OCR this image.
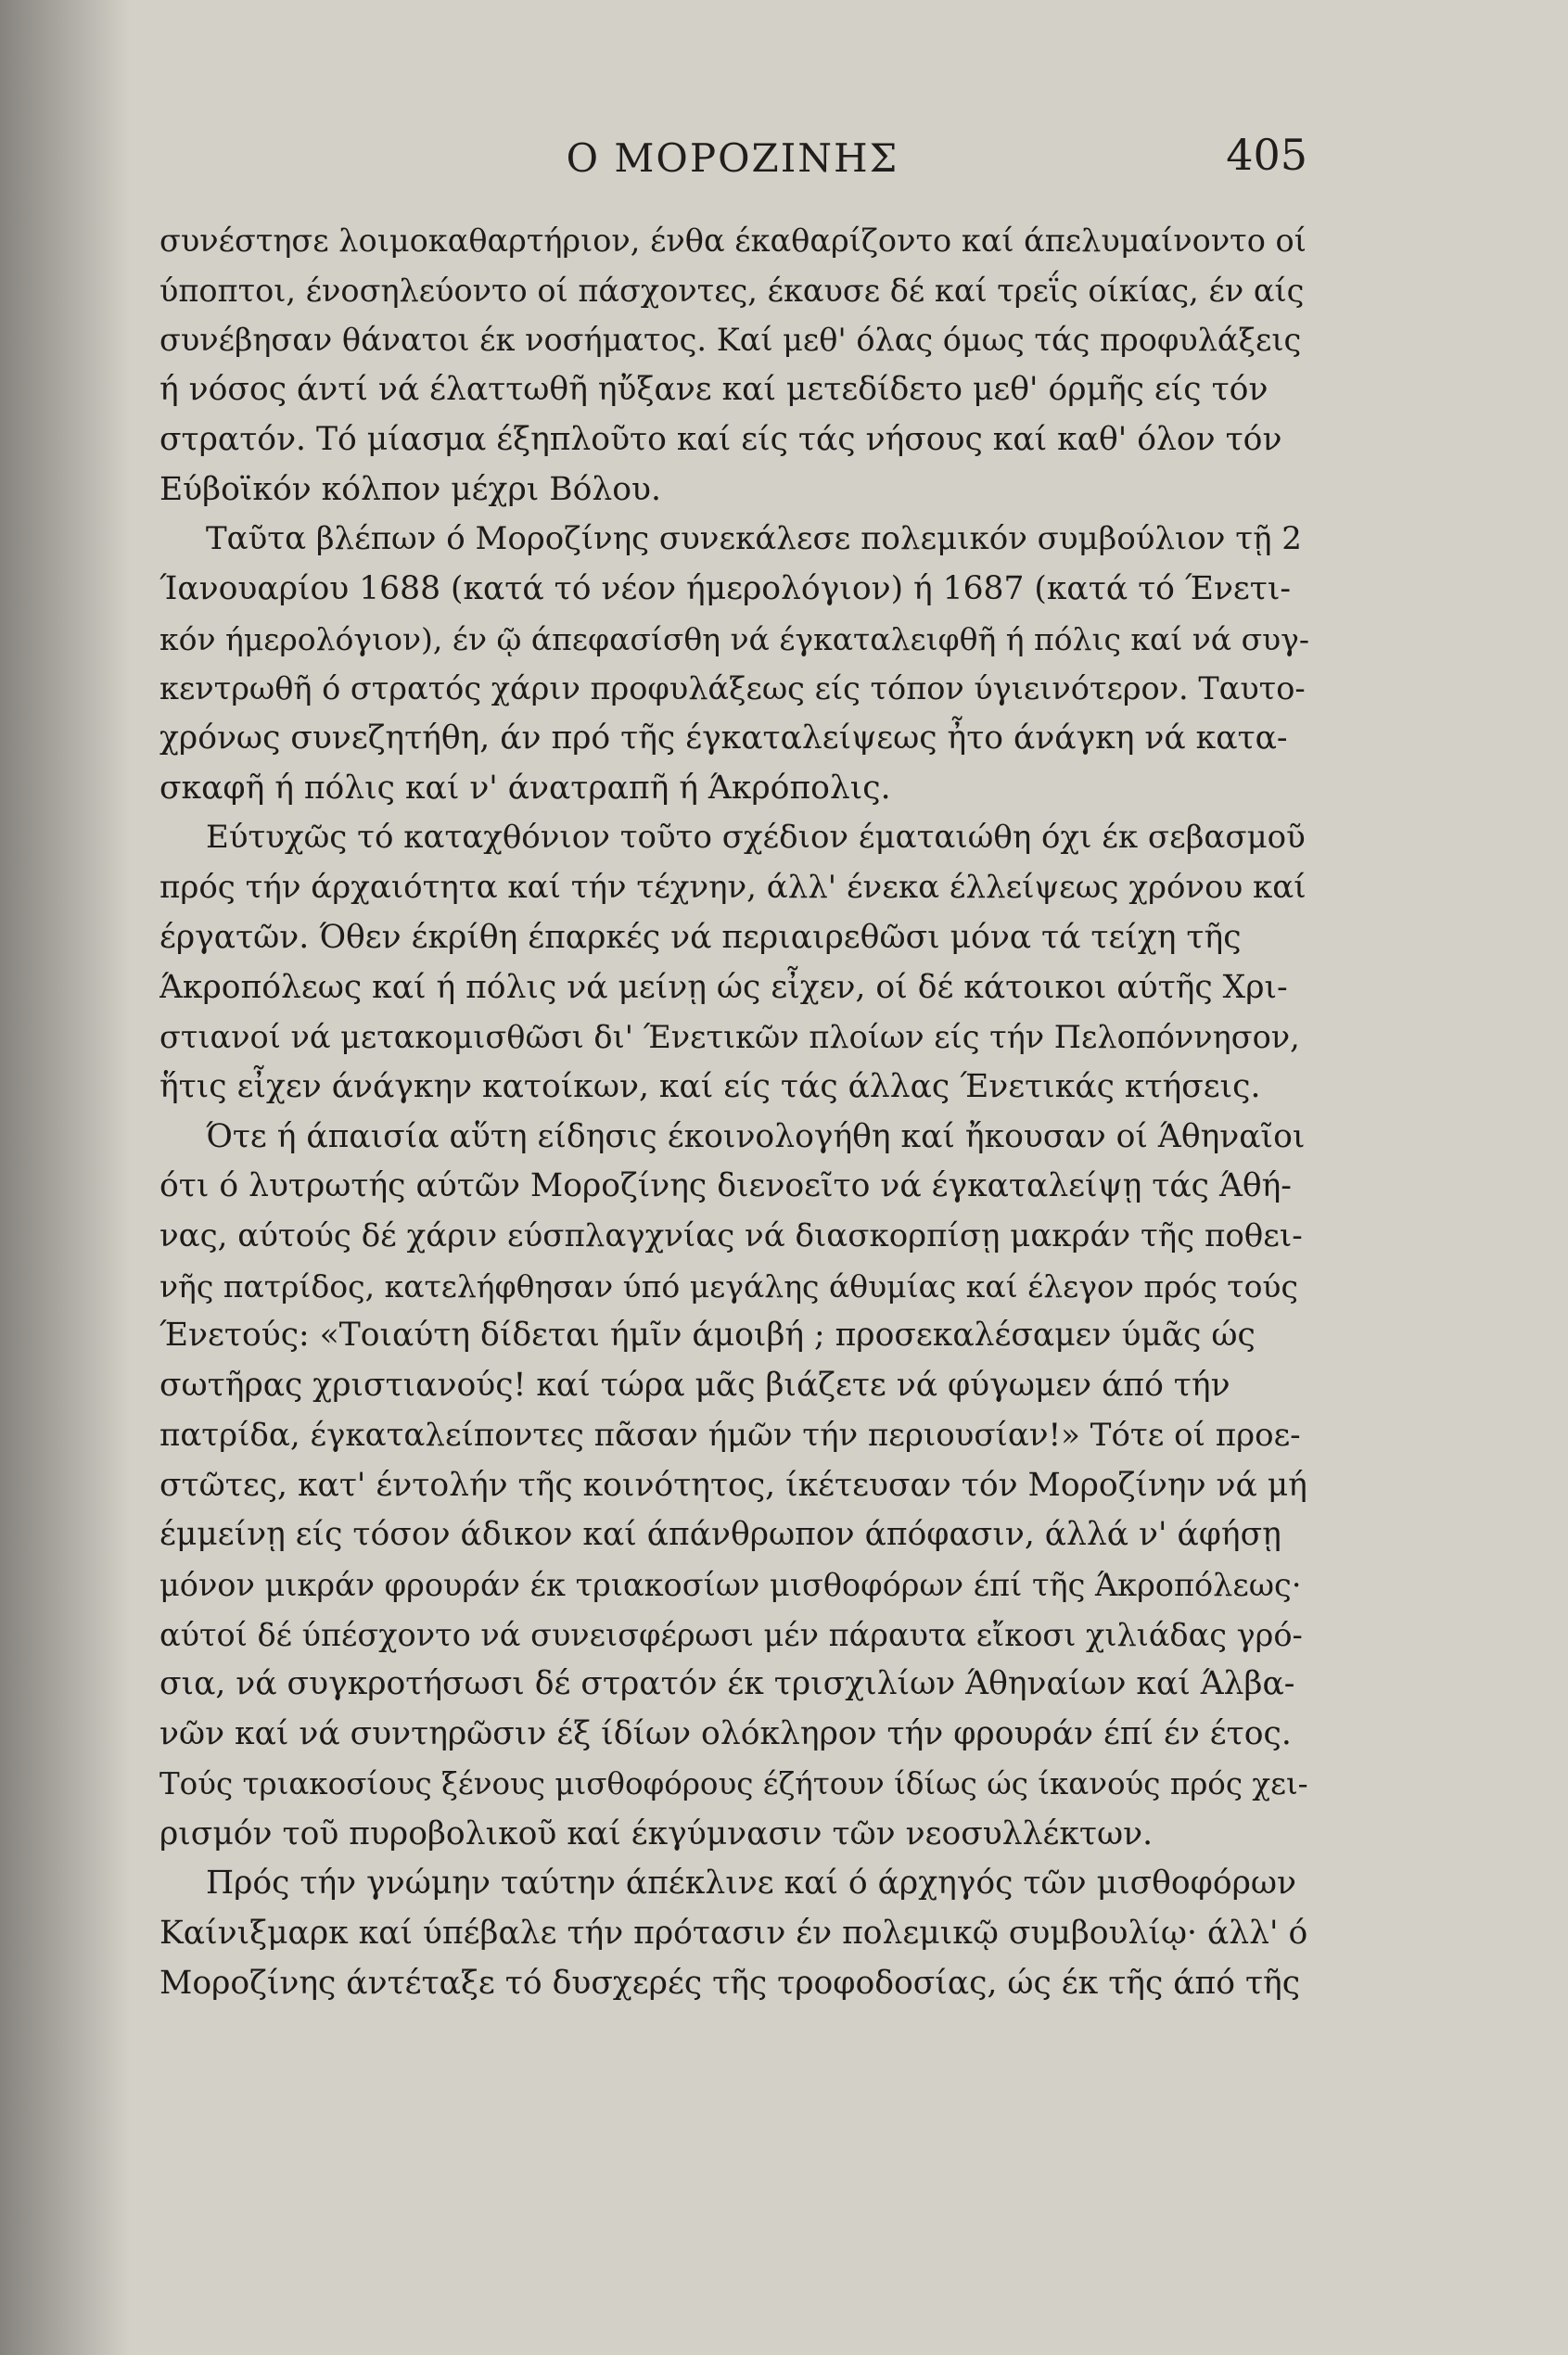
Ο ΜΟΡΟΖΙΝΗΣ	405
συνέστησε λοιμοκαθαρτήριον, ένθα έκαθαρίζοντο καί άπελυμαίνοντο οί
ύποπτοι, ένοσηλεύοντο οί πάσχοντες, έκαυσε δέ καί τρεΐς οίκίας, έν αίς
συνέβησαν θάνατοι έκ νοσήματος. Καί μεθ' όλας όμως τάς προφυλάξεις
ή νόσος άντί νά έλαττωθῆ ηὔξανε καί μετεδίδετο μεθ' όρμῆς είς τόν
στρατόν. Τό μίασμα έξηπλοῦτο καί είς τάς νήσους καί καθ' όλον τόν
Εύβοϊκόν κόλπον μέχρι Βόλου.
Ταῦτα βλέπων ό Μοροζίνης συνεκάλεσε πολεμικόν συμβούλιον τῇ 2
Ίανουαρίου 1688 (κατά τό νέον ήμερολόγιον) ή 1687 (κατά τό Ένετι-
κόν ήμερολόγιον), έν ῷ άπεφασίσθη νά έγκαταλειφθῆ ή πόλις καί νά συγ-
κεντρωθῆ ό στρατός χάριν προφυλάξεως είς τόπον ύγιεινότερον. Ταυτο-
χρόνως συνεζητήθη, άν πρό τῆς έγκαταλείψεως ἦτο άνάγκη νά κατα-
σκαφῆ ή πόλις καί ν' άνατραπῆ ή Άκρόπολις.
Εύτυχῶς τό καταχθόνιον τοῦτο σχέδιον έματαιώθη όχι έκ σεβασμοῦ
πρός τήν άρχαιότητα καί τήν τέχνην, άλλ' ένεκα έλλείψεως χρόνου καί
έργατῶν. Όθεν έκρίθη έπαρκές νά περιαιρεθῶσι μόνα τά τείχη τῆς
Άκροπόλεως καί ή πόλις νά μείνῃ ώς εἶχεν, οί δέ κάτοικοι αύτῆς Χρι-
στιανοί νά μετακομισθῶσι δι' Ένετικῶν πλοίων είς τήν Πελοπόννησον,
ἥτις εἶχεν άνάγκην κατοίκων, καί είς τάς άλλας Ένετικάς κτήσεις.
Ότε ή άπαισία αὕτη είδησις έκοινολογήθη καί ἤκουσαν οί Άθηναῖοι
ότι ό λυτρωτής αύτῶν Μοροζίνης διενοεῖτο νά έγκαταλείψῃ τάς Άθή-
νας, αύτούς δέ χάριν εύσπλαγχνίας νά διασκορπίσῃ μακράν τῆς ποθει-
νῆς πατρίδος, κατελήφθησαν ύπό μεγάλης άθυμίας καί έλεγον πρός τούς
Ένετούς: «Τοιαύτη δίδεται ήμῖν άμοιβή ; προσεκαλέσαμεν ύμᾶς ώς
σωτῆρας χριστιανούς! καί τώρα μᾶς βιάζετε νά φύγωμεν άπό τήν
πατρίδα, έγκαταλείποντες πᾶσαν ήμῶν τήν περιουσίαν!» Τότε οί προε-
στῶτες, κατ' έντολήν τῆς κοινότητος, ίκέτευσαν τόν Μοροζίνην νά μή
έμμείνῃ είς τόσον άδικον καί άπάνθρωπον άπόφασιν, άλλά ν' άφήσῃ
μόνον μικράν φρουράν έκ τριακοσίων μισθοφόρων έπί τῆς Άκροπόλεως·
αύτοί δέ ύπέσχοντο νά συνεισφέρωσι μέν πάραυτα εἴκοσι χιλιάδας γρό-
σια, νά συγκροτήσωσι δέ στρατόν έκ τρισχιλίων Άθηναίων καί Άλβα-
νῶν καί νά συντηρῶσιν έξ ίδίων ολόκληρον τήν φρουράν έπί έν έτος.
Τούς τριακοσίους ξένους μισθοφόρους έζήτουν ίδίως ώς ίκανούς πρός χει-
ρισμόν τοῦ πυροβολικοῦ καί έκγύμνασιν τῶν νεοσυλλέκτων.
Πρός τήν γνώμην ταύτην άπέκλινε καί ό άρχηγός τῶν μισθοφόρων
Καίνιξμαρκ καί ύπέβαλε τήν πρότασιν έν πολεμικῷ συμβουλίῳ· άλλ' ό
Μοροζίνης άντέταξε τό δυσχερές τῆς τροφοδοσίας, ώς έκ τῆς άπό τῆς
